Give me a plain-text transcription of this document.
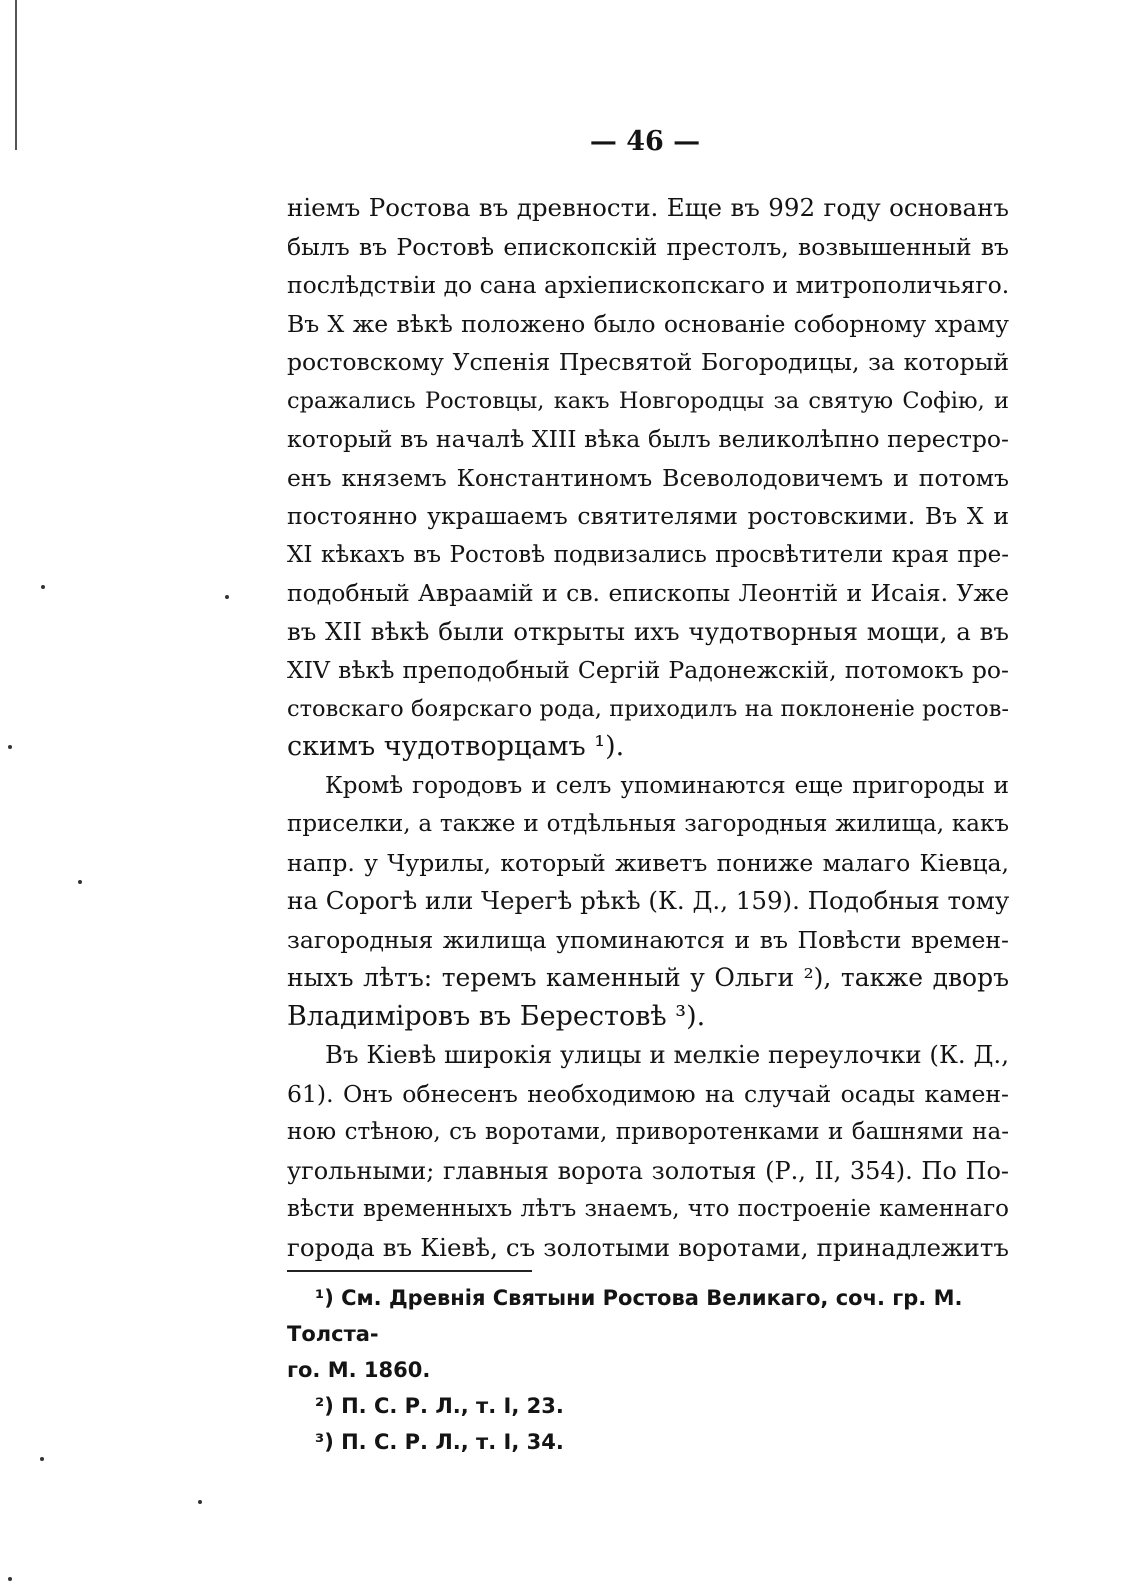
— 46 —

ніемъ Ростова въ древности. Еще въ 992 году основанъ
былъ въ Ростовѣ епископскій престолъ, возвышенный въ
послѣдствіи до сана архіепископскаго и митрополичьяго.
Въ X же вѣкѣ положено было основаніе соборному храму
ростовскому Успенія Пресвятой Богородицы, за который
сражались Ростовцы, какъ Новгородцы за святую Софію, и
который въ началѣ XIII вѣка былъ великолѣпно перестро-
енъ княземъ Константиномъ Всеволодовичемъ и потомъ
постоянно украшаемъ святителями ростовскими. Въ X и
XI кѣкахъ въ Ростовѣ подвизались просвѣтители края пре-
подобный Авраамій и св. епископы Леонтій и Исаія. Уже
въ XII вѣкѣ были открыты ихъ чудотворныя мощи, а въ
XIV вѣкѣ преподобный Сергій Радонежскій, потомокъ ро-
стовскаго боярскаго рода, приходилъ на поклоненіе ростов-
скимъ чудотворцамъ ¹).

Кромѣ городовъ и селъ упоминаются еще пригороды и
приселки, а также и отдѣльныя загородныя жилища, какъ
напр. у Чурилы, который живетъ пониже малаго Кіевца,
на Сорогѣ или Черегѣ рѣкѣ (К. Д., 159). Подобныя тому
загородныя жилища упоминаются и въ Повѣсти времен-
ныхъ лѣтъ: теремъ каменный у Ольги ²), также дворъ
Владиміровъ въ Берестовѣ ³).

Въ Кіевѣ широкія улицы и мелкіе переулочки (К. Д.,
61). Онъ обнесенъ необходимою на случай осады камен-
ною стѣною, съ воротами, приворотенками и башнями на-
угольными; главныя ворота золотыя (Р., II, 354). По По-
вѣсти временныхъ лѣтъ знаемъ, что построеніе каменнаго
города въ Кіевѣ, съ золотыми воротами, принадлежитъ

¹) См. Древнія Святыни Ростова Великаго, соч. гр. М. Толста-

го. М. 1860.

²) П. С. Р. Л., т. I, 23.

³) П. С. Р. Л., т. I, 34.
